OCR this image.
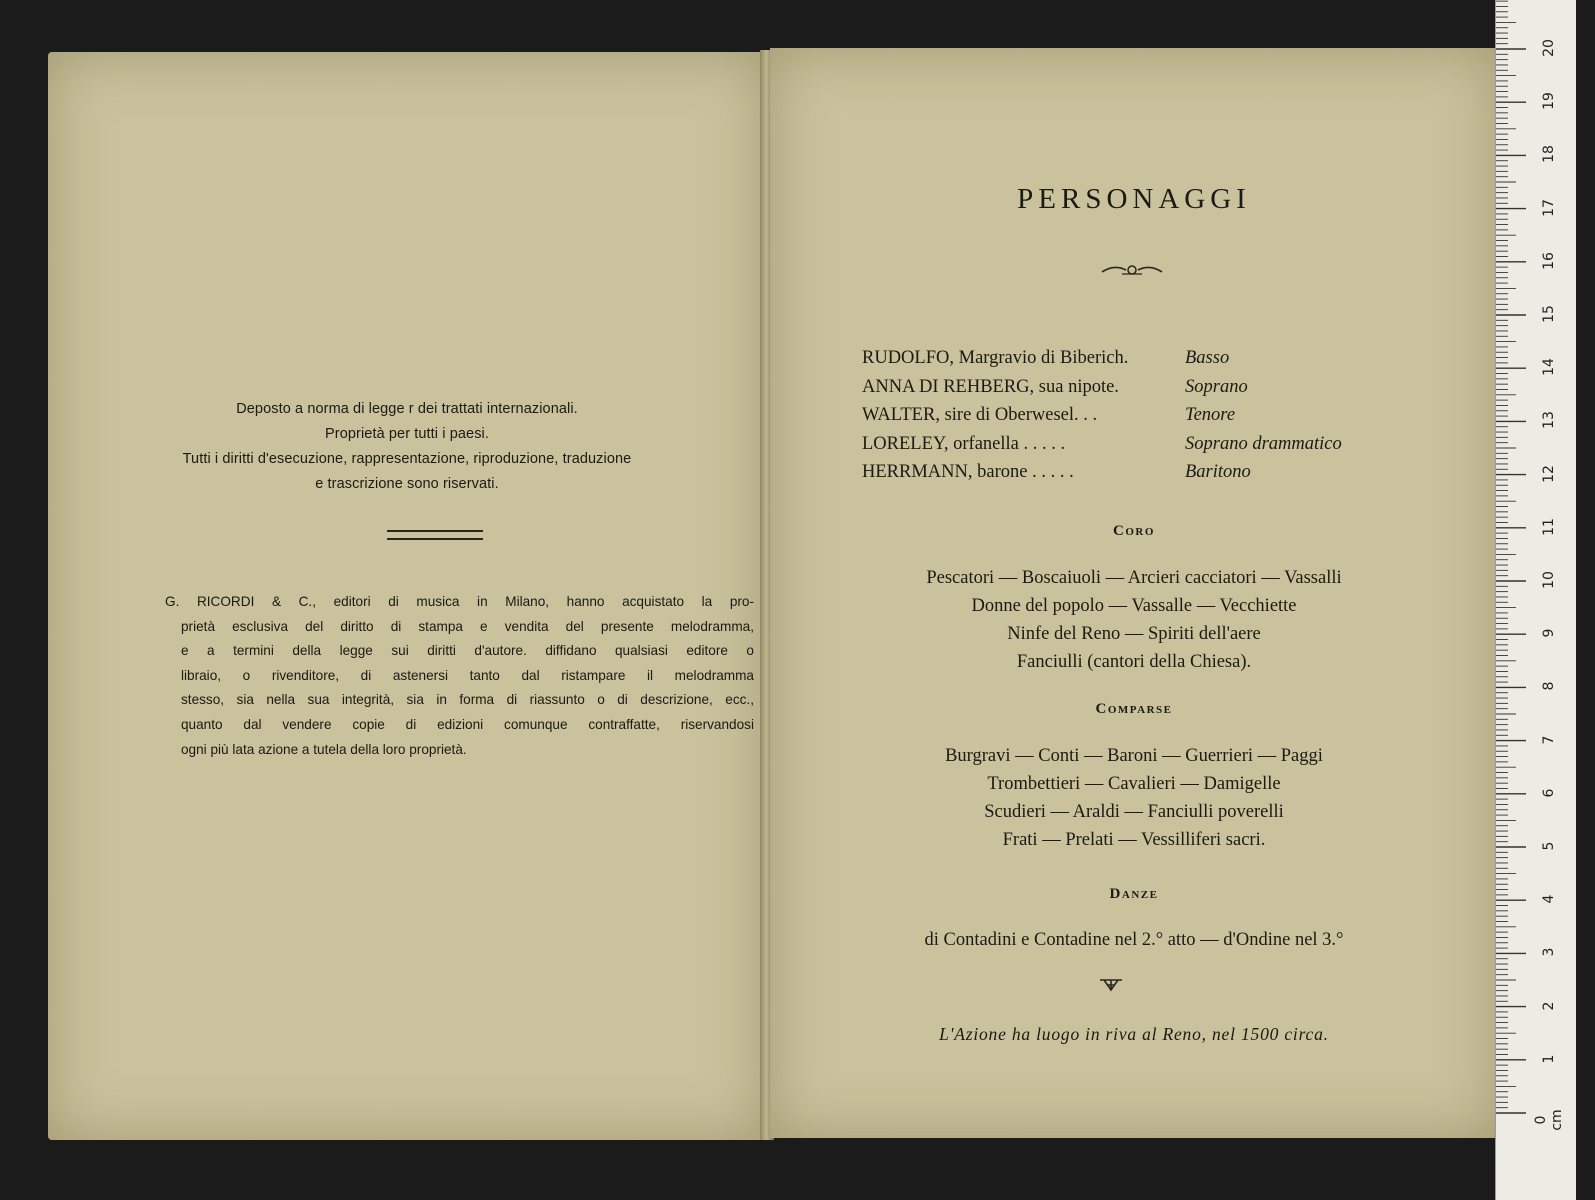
Deposto a norma di legge r dei trattati internazionali.
Proprietà per tutti i paesi.
Tutti i diritti d'esecuzione, rappresentazione, riproduzione, traduzione
e trascrizione sono riservati.
G. RICORDI & C., editori di musica in Milano, hanno acquistato la pro-
prietà esclusiva del diritto di stampa e vendita del presente melodramma,
e a termini della legge sui diritti d'autore. diffidano qualsiasi editore o
libraio, o rivenditore, di astenersi tanto dal ristampare il melodramma
stesso, sia nella sua integrità, sia in forma di riassunto o di descrizione, ecc.,
quanto dal vendere copie di edizioni comunque contraffatte, riservandosi
ogni più lata azione a tutela della loro proprietà.
PERSONAGGI
RUDOLFO, Margravio di Biberich.	Basso
ANNA DI REHBERG, sua nipote.	Soprano
WALTER, sire di Oberwesel. . .	Tenore
LORELEY, orfanella . . . . .	Soprano drammatico
HERRMANN, barone . . . . .	Baritono
Coro
Pescatori — Boscaiuoli — Arcieri cacciatori — Vassalli
Donne del popolo — Vassalle — Vecchiette
Ninfe del Reno — Spiriti dell'aere
Fanciulli (cantori della Chiesa).
Comparse
Burgravi — Conti — Baroni — Guerrieri — Paggi
Trombettieri — Cavalieri — Damigelle
Scudieri — Araldi — Fanciulli poverelli
Frati — Prelati — Vessilliferi sacri.
Danze
di Contadini e Contadine nel 2.° atto — d'Ondine nel 3.°
L'Azione ha luogo in riva al Reno, nel 1500 circa.
0 cm
1
2
3
4
5
6
7
8
9
10
11
12
13
14
15
16
17
18
19
20
